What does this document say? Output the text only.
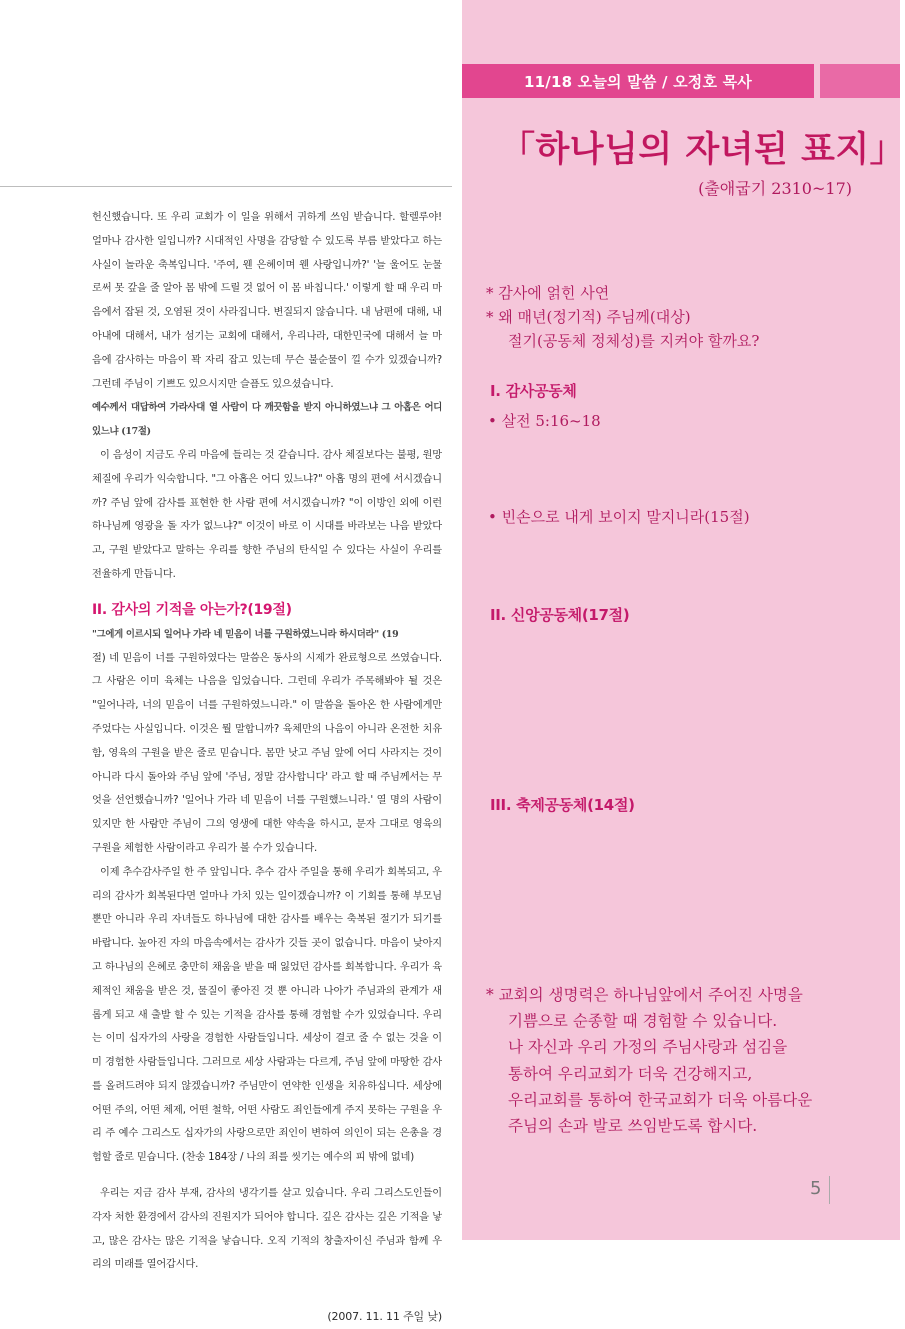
헌신했습니다. 또 우리 교회가 이 일을 위해서 귀하게 쓰임 받습니다. 할렐루야! 얼마나 감사한 일입니까? 시대적인 사명을 감당할 수 있도록 부름 받았다고 하는 사실이 놀라운 축복입니다. '주여, 웬 은혜이며 웬 사랑입니까?' '늘 울어도 눈물로써 못 갚을 줄 알아 몸 밖에 드릴 것 없어 이 몸 바칩니다.' 이렇게 할 때 우리 마음에서 잡된 것, 오염된 것이 사라집니다. 변질되지 않습니다. 내 남편에 대해, 내 아내에 대해서, 내가 섬기는 교회에 대해서, 우리나라, 대한민국에 대해서 늘 마음에 감사하는 마음이 꽉 자리 잡고 있는데 무슨 불순물이 낄 수가 있겠습니까? 그런데 주님이 기쁘도 있으시지만 슬픔도 있으셨습니다.

예수께서 대답하여 가라사대 열 사람이 다 깨끗함을 받지 아니하였느냐 그 아홉은 어디 있느냐 (17절)

이 음성이 지금도 우리 마음에 들리는 것 같습니다. 감사 체질보다는 불평, 원망 체질에 우리가 익숙합니다. "그 아홉은 어디 있느냐?" 아홉 명의 편에 서시겠습니까? 주님 앞에 감사를 표현한 한 사람 편에 서시겠습니까? "이 이방인 외에 이런 하나님께 영광을 돌 자가 없느냐?" 이것이 바로 이 시대를 바라보는 나음 받았다고, 구원 받았다고 말하는 우리를 향한 주님의 탄식일 수 있다는 사실이 우리를 전율하게 만듭니다.

II. 감사의 기적을 아는가?(19절)

"그에게 이르시되 일어나 가라 네 믿음이 너를 구원하였느니라 하시더라" (19

절) 네 믿음이 너를 구원하였다는 말씀은 동사의 시제가 완료형으로 쓰였습니다. 그 사람은 이미 육체는 나음을 입었습니다. 그런데 우리가 주목해봐야 될 것은 "일어나라, 너의 믿음이 너를 구원하였느니라." 이 말씀을 돌아온 한 사람에게만 주었다는 사실입니다. 이것은 뭘 말합니까? 육체만의 나음이 아니라 온전한 치유함, 영육의 구원을 받은 줄로 믿습니다. 몸만 낫고 주님 앞에 어디 사라지는 것이 아니라 다시 돌아와 주님 앞에 '주님, 정말 감사합니다' 라고 할 때 주님께서는 무엇을 선언했습니까? '일어나 가라 네 믿음이 너를 구원했느니라.' 열 명의 사람이 있지만 한 사람만 주님이 그의 영생에 대한 약속을 하시고, 문자 그대로 영육의 구원을 체험한 사람이라고 우리가 볼 수가 있습니다.

이제 추수감사주일 한 주 앞입니다. 추수 감사 주일을 통해 우리가 회복되고, 우리의 감사가 회복된다면 얼마나 가치 있는 일이겠습니까? 이 기회를 통해 부모님뿐만 아니라 우리 자녀들도 하나님에 대한 감사를 배우는 축복된 절기가 되기를 바랍니다. 높아진 자의 마음속에서는 감사가 깃들 곳이 없습니다. 마음이 낮아지고 하나님의 은혜로 충만히 채움을 받을 때 잃었던 감사를 회복합니다. 우리가 육체적인 채움을 받은 것, 물질이 좋아진 것 뿐 아니라 나아가 주님과의 관계가 새롭게 되고 새 출발 할 수 있는 기적을 감사를 통해 경험할 수가 있었습니다. 우리는 이미 십자가의 사랑을 경험한 사람들입니다. 세상이 결코 줄 수 없는 것을 이미 경험한 사람들입니다. 그러므로 세상 사람과는 다르게, 주님 앞에 마땅한 감사를 올려드려야 되지 않겠습니까? 주님만이 연약한 인생을 치유하십니다. 세상에 어떤 주의, 어떤 체제, 어떤 철학, 어떤 사람도 죄인들에게 주지 못하는 구원을 우리 주 예수 그리스도 십자가의 사랑으로만 죄인이 변하여 의인이 되는 은총을 경험할 줄로 믿습니다. (찬송 184장 / 나의 죄를 씻기는 예수의 피 밖에 없네)

우리는 지금 감사 부재, 감사의 냉각기를 살고 있습니다. 우리 그리스도인들이 각자 처한 환경에서 감사의 진원지가 되어야 합니다. 깊은 감사는 깊은 기적을 낳고, 많은 감사는 많은 기적을 낳습니다. 오직 기적의 창출자이신 주님과 함께 우리의 미래를 열어갑시다.

(2007. 11. 11 주일 낮)

11/18 오늘의 말씀 / 오정호 목사
「하나님의 자녀된 표지」
(출애굽기 2310~17)
* 감사에 얽힌 사연
* 왜 매년(정기적) 주님께(대상)
절기(공동체 정체성)를 지켜야 할까요?
I. 감사공동체
• 살전 5:16~18
• 빈손으로 내게 보이지 말지니라(15절)
II. 신앙공동체(17절)
III. 축제공동체(14절)
* 교회의 생명력은 하나님앞에서 주어진 사명을
기쁨으로 순종할 때 경험할 수 있습니다.
나 자신과 우리 가정의 주님사랑과 섬김을
통하여 우리교회가 더욱 건강해지고,
우리교회를 통하여 한국교회가 더욱 아름다운
주님의 손과 발로 쓰임받도록 합시다.
5
